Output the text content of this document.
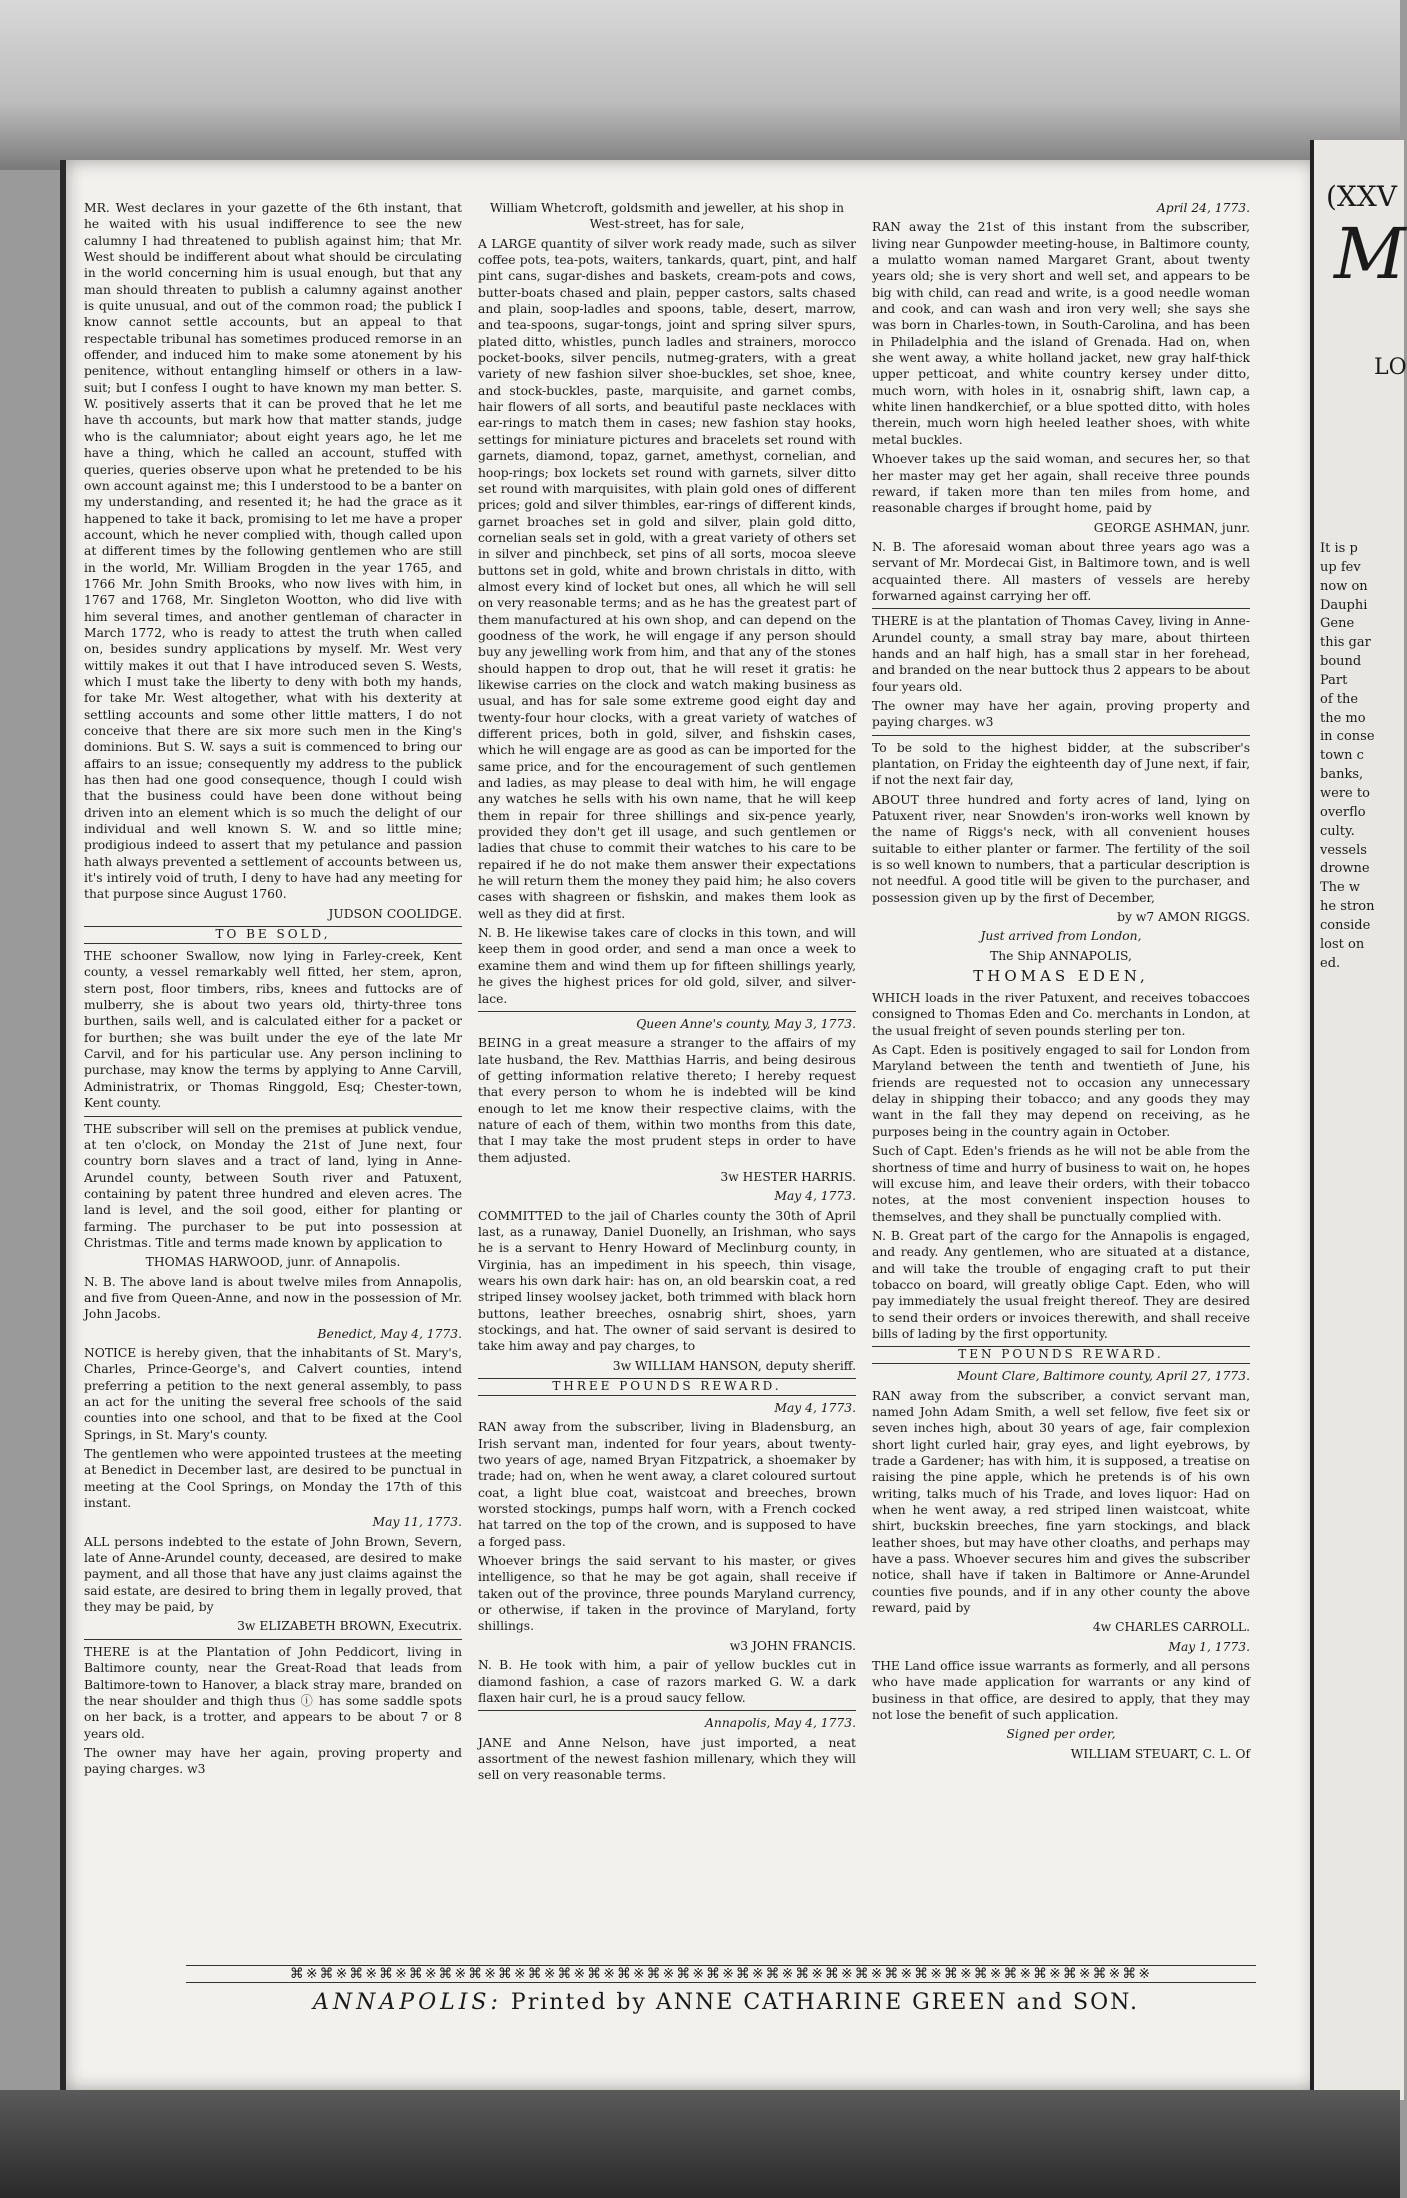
MR. West declares in your gazette of the 6th instant, that he waited with his usual indifference to see the new calumny I had threatened to publish against him; that Mr. West should be indifferent about what should be circulating in the world concerning him is usual enough, but that any man should threaten to publish a calumny against another is quite unusual, and out of the common road; the publick I know cannot settle accounts, but an appeal to that respectable tribunal has sometimes produced remorse in an offender, and induced him to make some atonement by his penitence, without entangling himself or others in a law-suit; but I confess I ought to have known my man better. S. W. positively asserts that it can be proved that he let me have th accounts, but mark how that matter stands, judge who is the calumniator; about eight years ago, he let me have a thing, which he called an account, stuffed with queries, queries observe upon what he pretended to be his own account against me; this I understood to be a banter on my understanding, and resented it; he had the grace as it happened to take it back, promising to let me have a proper account, which he never complied with, though called upon at different times by the following gentlemen who are still in the world, Mr. William Brogden in the year 1765, and 1766 Mr. John Smith Brooks, who now lives with him, in 1767 and 1768, Mr. Singleton Wootton, who did live with him several times, and another gentleman of character in March 1772, who is ready to attest the truth when called on, besides sundry applications by myself. Mr. West very wittily makes it out that I have introduced seven S. Wests, which I must take the liberty to deny with both my hands, for take Mr. West altogether, what with his dexterity at settling accounts and some other little matters, I do not conceive that there are six more such men in the King's dominions. But S. W. says a suit is commenced to bring our affairs to an issue; consequently my address to the publick has then had one good consequence, though I could wish that the business could have been done without being driven into an element which is so much the delight of our individual and well known S. W. and so little mine; prodigious indeed to assert that my petulance and passion hath always prevented a settlement of accounts between us, it's intirely void of truth, I deny to have had any meeting for that purpose since August 1760.

JUDSON COOLIDGE.

TO BE SOLD,

THE schooner Swallow, now lying in Farley-creek, Kent county, a vessel remarkably well fitted, her stem, apron, stern post, floor timbers, ribs, knees and futtocks are of mulberry, she is about two years old, thirty-three tons burthen, sails well, and is calculated either for a packet or for burthen; she was built under the eye of the late Mr Carvil, and for his particular use. Any person inclining to purchase, may know the terms by applying to Anne Carvill, Administratrix, or Thomas Ringgold, Esq; Chester-town, Kent county.

THE subscriber will sell on the premises at publick vendue, at ten o'clock, on Monday the 21st of June next, four country born slaves and a tract of land, lying in Anne-Arundel county, between South river and Patuxent, containing by patent three hundred and eleven acres. The land is level, and the soil good, either for planting or farming. The purchaser to be put into possession at Christmas. Title and terms made known by application to

THOMAS HARWOOD, junr. of Annapolis.

N. B. The above land is about twelve miles from Annapolis, and five from Queen-Anne, and now in the possession of Mr. John Jacobs.

Benedict, May 4, 1773.

NOTICE is hereby given, that the inhabitants of St. Mary's, Charles, Prince-George's, and Calvert counties, intend preferring a petition to the next general assembly, to pass an act for the uniting the several free schools of the said counties into one school, and that to be fixed at the Cool Springs, in St. Mary's county.

The gentlemen who were appointed trustees at the meeting at Benedict in December last, are desired to be punctual in meeting at the Cool Springs, on Monday the 17th of this instant.

May 11, 1773.

ALL persons indebted to the estate of John Brown, Severn, late of Anne-Arundel county, deceased, are desired to make payment, and all those that have any just claims against the said estate, are desired to bring them in legally proved, that they may be paid, by

3w ELIZABETH BROWN, Executrix.

THERE is at the Plantation of John Peddicort, living in Baltimore county, near the Great-Road that leads from Baltimore-town to Hanover, a black stray mare, branded on the near shoulder and thigh thus ⓘ has some saddle spots on her back, is a trotter, and appears to be about 7 or 8 years old.

The owner may have her again, proving property and paying charges. w3

William Whetcroft, goldsmith and jeweller, at his shop in West-street, has for sale,

A LARGE quantity of silver work ready made, such as silver coffee pots, tea-pots, waiters, tankards, quart, pint, and half pint cans, sugar-dishes and baskets, cream-pots and cows, butter-boats chased and plain, pepper castors, salts chased and plain, soop-ladles and spoons, table, desert, marrow, and tea-spoons, sugar-tongs, joint and spring silver spurs, plated ditto, whistles, punch ladles and strainers, morocco pocket-books, silver pencils, nutmeg-graters, with a great variety of new fashion silver shoe-buckles, set shoe, knee, and stock-buckles, paste, marquisite, and garnet combs, hair flowers of all sorts, and beautiful paste necklaces with ear-rings to match them in cases; new fashion stay hooks, settings for miniature pictures and bracelets set round with garnets, diamond, topaz, garnet, amethyst, cornelian, and hoop-rings; box lockets set round with garnets, silver ditto set round with marquisites, with plain gold ones of different prices; gold and silver thimbles, ear-rings of different kinds, garnet broaches set in gold and silver, plain gold ditto, cornelian seals set in gold, with a great variety of others set in silver and pinchbeck, set pins of all sorts, mocoa sleeve buttons set in gold, white and brown christals in ditto, with almost every kind of locket but ones, all which he will sell on very reasonable terms; and as he has the greatest part of them manufactured at his own shop, and can depend on the goodness of the work, he will engage if any person should buy any jewelling work from him, and that any of the stones should happen to drop out, that he will reset it gratis: he likewise carries on the clock and watch making business as usual, and has for sale some extreme good eight day and twenty-four hour clocks, with a great variety of watches of different prices, both in gold, silver, and fishskin cases, which he will engage are as good as can be imported for the same price, and for the encouragement of such gentlemen and ladies, as may please to deal with him, he will engage any watches he sells with his own name, that he will keep them in repair for three shillings and six-pence yearly, provided they don't get ill usage, and such gentlemen or ladies that chuse to commit their watches to his care to be repaired if he do not make them answer their expectations he will return them the money they paid him; he also covers cases with shagreen or fishskin, and makes them look as well as they did at first.

N. B. He likewise takes care of clocks in this town, and will keep them in good order, and send a man once a week to examine them and wind them up for fifteen shillings yearly, he gives the highest prices for old gold, silver, and silver-lace.

Queen Anne's county, May 3, 1773.

BEING in a great measure a stranger to the affairs of my late husband, the Rev. Matthias Harris, and being desirous of getting information relative thereto; I hereby request that every person to whom he is indebted will be kind enough to let me know their respective claims, with the nature of each of them, within two months from this date, that I may take the most prudent steps in order to have them adjusted.

3w HESTER HARRIS.

May 4, 1773.

COMMITTED to the jail of Charles county the 30th of April last, as a runaway, Daniel Duonelly, an Irishman, who says he is a servant to Henry Howard of Meclinburg county, in Virginia, has an impediment in his speech, thin visage, wears his own dark hair: has on, an old bearskin coat, a red striped linsey woolsey jacket, both trimmed with black horn buttons, leather breeches, osnabrig shirt, shoes, yarn stockings, and hat. The owner of said servant is desired to take him away and pay charges, to

3w WILLIAM HANSON, deputy sheriff.

THREE POUNDS REWARD.

May 4, 1773.

RAN away from the subscriber, living in Bladensburg, an Irish servant man, indented for four years, about twenty-two years of age, named Bryan Fitzpatrick, a shoemaker by trade; had on, when he went away, a claret coloured surtout coat, a light blue coat, waistcoat and breeches, brown worsted stockings, pumps half worn, with a French cocked hat tarred on the top of the crown, and is supposed to have a forged pass.

Whoever brings the said servant to his master, or gives intelligence, so that he may be got again, shall receive if taken out of the province, three pounds Maryland currency, or otherwise, if taken in the province of Maryland, forty shillings.

w3 JOHN FRANCIS.

N. B. He took with him, a pair of yellow buckles cut in diamond fashion, a case of razors marked G. W. a dark flaxen hair curl, he is a proud saucy fellow.

Annapolis, May 4, 1773.

JANE and Anne Nelson, have just imported, a neat assortment of the newest fashion millenary, which they will sell on very reasonable terms.

April 24, 1773.

RAN away the 21st of this instant from the subscriber, living near Gunpowder meeting-house, in Baltimore county, a mulatto woman named Margaret Grant, about twenty years old; she is very short and well set, and appears to be big with child, can read and write, is a good needle woman and cook, and can wash and iron very well; she says she was born in Charles-town, in South-Carolina, and has been in Philadelphia and the island of Grenada. Had on, when she went away, a white holland jacket, new gray half-thick upper petticoat, and white country kersey under ditto, much worn, with holes in it, osnabrig shift, lawn cap, a white linen handkerchief, or a blue spotted ditto, with holes therein, much worn high heeled leather shoes, with white metal buckles.

Whoever takes up the said woman, and secures her, so that her master may get her again, shall receive three pounds reward, if taken more than ten miles from home, and reasonable charges if brought home, paid by

GEORGE ASHMAN, junr.

N. B. The aforesaid woman about three years ago was a servant of Mr. Mordecai Gist, in Baltimore town, and is well acquainted there. All masters of vessels are hereby forwarned against carrying her off.

THERE is at the plantation of Thomas Cavey, living in Anne-Arundel county, a small stray bay mare, about thirteen hands and an half high, has a small star in her forehead, and branded on the near buttock thus 2 appears to be about four years old.

The owner may have her again, proving property and paying charges. w3

To be sold to the highest bidder, at the subscriber's plantation, on Friday the eighteenth day of June next, if fair, if not the next fair day,

ABOUT three hundred and forty acres of land, lying on Patuxent river, near Snowden's iron-works well known by the name of Riggs's neck, with all convenient houses suitable to either planter or farmer. The fertility of the soil is so well known to numbers, that a particular description is not needful. A good title will be given to the purchaser, and possession given up by the first of December,

by w7 AMON RIGGS.

Just arrived from London,

The Ship ANNAPOLIS,

THOMAS EDEN,

WHICH loads in the river Patuxent, and receives tobaccoes consigned to Thomas Eden and Co. merchants in London, at the usual freight of seven pounds sterling per ton.

As Capt. Eden is positively engaged to sail for London from Maryland between the tenth and twentieth of June, his friends are requested not to occasion any unnecessary delay in shipping their tobacco; and any goods they may want in the fall they may depend on receiving, as he purposes being in the country again in October.

Such of Capt. Eden's friends as he will not be able from the shortness of time and hurry of business to wait on, he hopes will excuse him, and leave their orders, with their tobacco notes, at the most convenient inspection houses to themselves, and they shall be punctually complied with.

N. B. Great part of the cargo for the Annapolis is engaged, and ready. Any gentlemen, who are situated at a distance, and will take the trouble of engaging craft to put their tobacco on board, will greatly oblige Capt. Eden, who will pay immediately the usual freight thereof. They are desired to send their orders or invoices therewith, and shall receive bills of lading by the first opportunity.

TEN POUNDS REWARD.

Mount Clare, Baltimore county, April 27, 1773.

RAN away from the subscriber, a convict servant man, named John Adam Smith, a well set fellow, five feet six or seven inches high, about 30 years of age, fair complexion short light curled hair, gray eyes, and light eyebrows, by trade a Gardener; has with him, it is supposed, a treatise on raising the pine apple, which he pretends is of his own writing, talks much of his Trade, and loves liquor: Had on when he went away, a red striped linen waistcoat, white shirt, buckskin breeches, fine yarn stockings, and black leather shoes, but may have other cloaths, and perhaps may have a pass. Whoever secures him and gives the subscriber notice, shall have if taken in Baltimore or Anne-Arundel counties five pounds, and if in any other county the above reward, paid by

4w CHARLES CARROLL.

May 1, 1773.

THE Land office issue warrants as formerly, and all persons who have made application for warrants or any kind of business in that office, are desired to apply, that they may not lose the benefit of such application.

Signed per order,

WILLIAM STEUART, C. L. Of

⌘※⌘※⌘※⌘※⌘※⌘※⌘※⌘※⌘※⌘※⌘※⌘※⌘※⌘※⌘※⌘※⌘※⌘※⌘※⌘※⌘※⌘※⌘※⌘※⌘※⌘※⌘※⌘※⌘※
ANNAPOLIS: Printed by ANNE CATHARINE GREEN and SON.
(XXV
M
LO
It is p
up fev
now on
Dauphi
Gene
this gar
bound
Part
of the
the mo
in conse
town c
banks,
were to
overflo
culty.
vessels
drowne
The w
he stron
conside
lost on
ed.
